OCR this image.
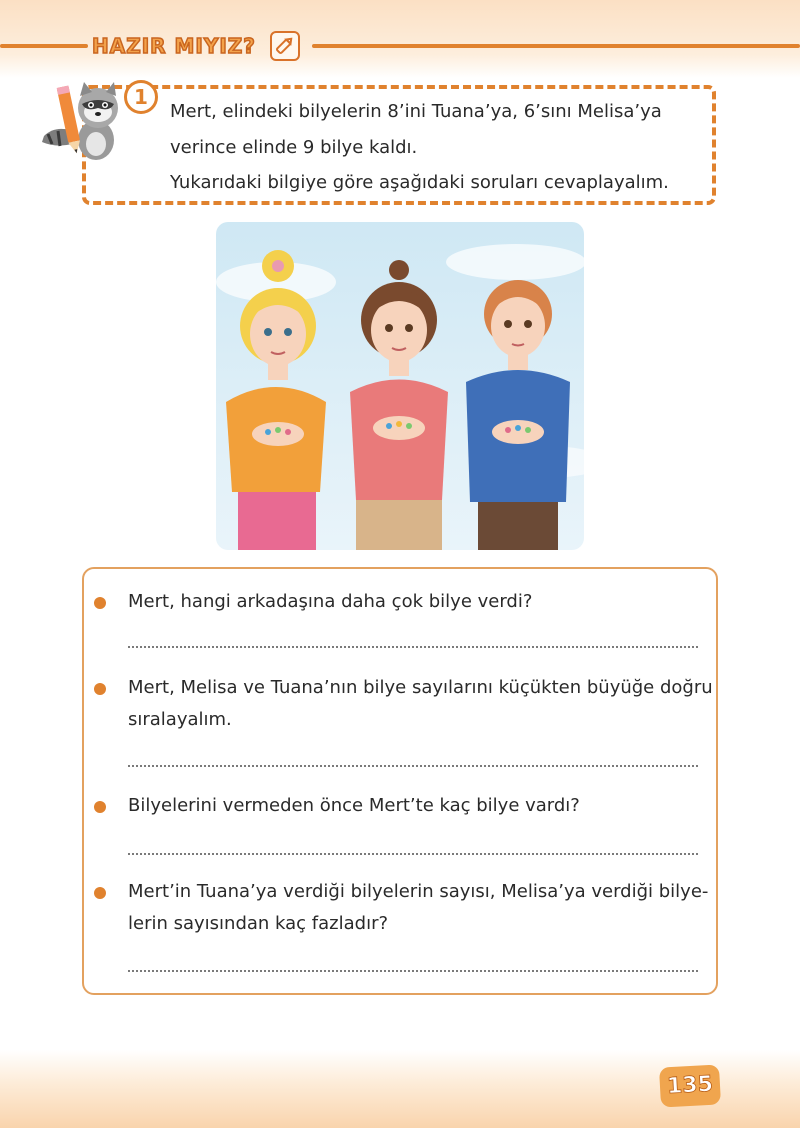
HAZIR MIYIZ?
1
Mert, elindeki bilyelerin 8’ini Tuana’ya, 6’sını Melisa’ya
verince elinde 9 bilye kaldı.
Yukarıdaki bilgiye göre aşağıdaki soruları cevaplayalım.
Mert, hangi arkadaşına daha çok bilye verdi?
Mert, Melisa ve Tuana’nın bilye sayılarını küçükten büyüğe doğru
sıralayalım.
Bilyelerini vermeden önce Mert’te kaç bilye vardı?
Mert’in Tuana’ya verdiği bilyelerin sayısı, Melisa’ya verdiği bilye-
lerin sayısından kaç fazladır?
135
